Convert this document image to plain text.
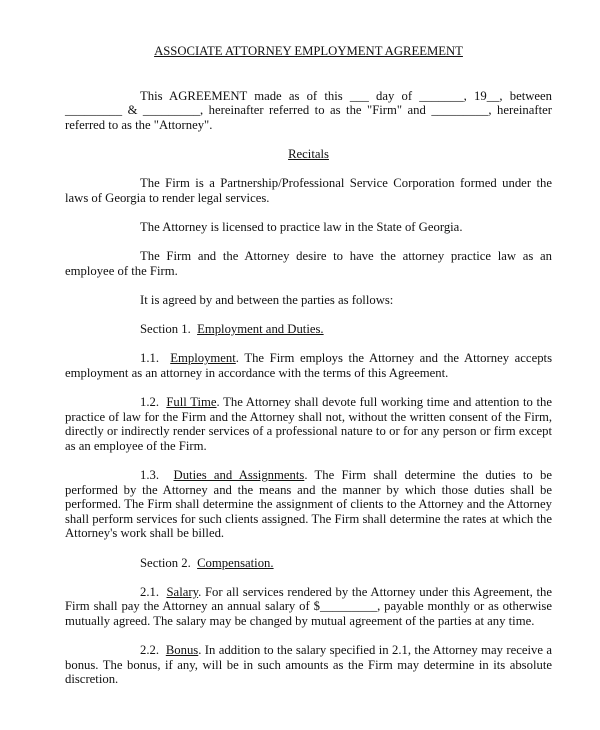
ASSOCIATE ATTORNEY EMPLOYMENT AGREEMENT

This AGREEMENT made as of this ___ day of _______, 19__, between _________ & _________, hereinafter referred to as the "Firm" and _________, hereinafter referred to as the "Attorney".

Recitals

The Firm is a Partnership/Professional Service Corporation formed under the laws of Georgia to render legal services.

The Attorney is licensed to practice law in the State of Georgia.

The Firm and the Attorney desire to have the attorney practice law as an employee of the Firm.

It is agreed by and between the parties as follows:

Section 1. Employment and Duties.

1.1. Employment. The Firm employs the Attorney and the Attorney accepts employment as an attorney in accordance with the terms of this Agreement.

1.2. Full Time. The Attorney shall devote full working time and attention to the practice of law for the Firm and the Attorney shall not, without the written consent of the Firm, directly or indirectly render services of a professional nature to or for any person or firm except as an employee of the Firm.

1.3. Duties and Assignments. The Firm shall determine the duties to be performed by the Attorney and the means and the manner by which those duties shall be performed. The Firm shall determine the assignment of clients to the Attorney and the Attorney shall perform services for such clients assigned. The Firm shall determine the rates at which the Attorney's work shall be billed.

Section 2. Compensation.

2.1. Salary. For all services rendered by the Attorney under this Agreement, the Firm shall pay the Attorney an annual salary of $_________, payable monthly or as otherwise mutually agreed. The salary may be changed by mutual agreement of the parties at any time.

2.2. Bonus. In addition to the salary specified in 2.1, the Attorney may receive a bonus. The bonus, if any, will be in such amounts as the Firm may determine in its absolute discretion.
